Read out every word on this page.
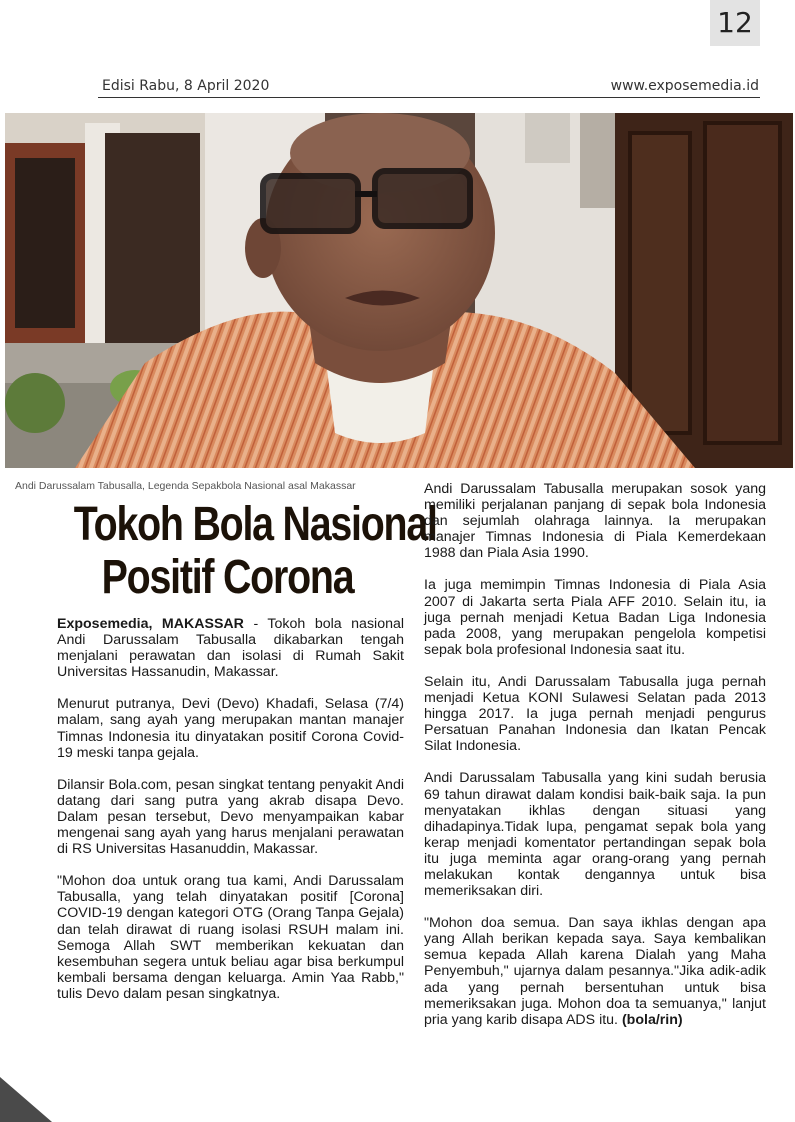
12
Edisi Rabu, 8 April 2020	www.exposemedia.id
Andi Darussalam Tabusalla, Legenda Sepakbola Nasional asal Makassar
Tokoh Bola Nasional
Positif Corona

Exposemedia, MAKASSAR - Tokoh bola nasional Andi Darussalam Tabusalla dikabarkan tengah menjalani perawatan dan isolasi di Rumah Sakit Universitas Hassanudin, Makassar.

Menurut putranya, Devi (Devo) Khadafi, Selasa (7/4) malam, sang ayah yang merupakan mantan manajer Timnas Indonesia itu dinyatakan positif Corona Covid-19 meski tanpa gejala.

Dilansir Bola.com, pesan singkat tentang penyakit Andi datang dari sang putra yang akrab disapa Devo. Dalam pesan tersebut, Devo menyampaikan kabar mengenai sang ayah yang harus menjalani perawatan di RS Universitas Hasanuddin, Makassar.

"Mohon doa untuk orang tua kami, Andi Darussalam Tabusalla, yang telah dinyatakan positif [Corona] COVID-19 dengan kategori OTG (Orang Tanpa Gejala) dan telah dirawat di ruang isolasi RSUH malam ini. Semoga Allah SWT memberikan kekuatan dan kesembuhan segera untuk beliau agar bisa berkumpul kembali bersama dengan keluarga. Amin Yaa Rabb," tulis Devo dalam pesan singkatnya.

Andi Darussalam Tabusalla merupakan sosok yang memiliki perjalanan panjang di sepak bola Indonesia dan sejumlah olahraga lainnya. Ia merupakan manajer Timnas Indonesia di Piala Kemerdekaan 1988 dan Piala Asia 1990.

Ia juga memimpin Timnas Indonesia di Piala Asia 2007 di Jakarta serta Piala AFF 2010. Selain itu, ia juga pernah menjadi Ketua Badan Liga Indonesia pada 2008, yang merupakan pengelola kompetisi sepak bola profesional Indonesia saat itu.

Selain itu, Andi Darussalam Tabusalla juga pernah menjadi Ketua KONI Sulawesi Selatan pada 2013 hingga 2017. Ia juga pernah menjadi pengurus Persatuan Panahan Indonesia dan Ikatan Pencak Silat Indonesia.

Andi Darussalam Tabusalla yang kini sudah berusia 69 tahun dirawat dalam kondisi baik-baik saja. Ia pun menyatakan ikhlas dengan situasi yang dihadapinya.Tidak lupa, pengamat sepak bola yang kerap menjadi komentator pertandingan sepak bola itu juga meminta agar orang-orang yang pernah melakukan kontak dengannya untuk bisa memeriksakan diri.

"Mohon doa semua. Dan saya ikhlas dengan apa yang Allah berikan kepada saya. Saya kembalikan semua kepada Allah karena Dialah yang Maha Penyembuh," ujarnya dalam pesannya."Jika adik-adik ada yang pernah bersentuhan untuk bisa memeriksakan juga. Mohon doa ta semuanya," lanjut pria yang karib disapa ADS itu. (bola/rin)
